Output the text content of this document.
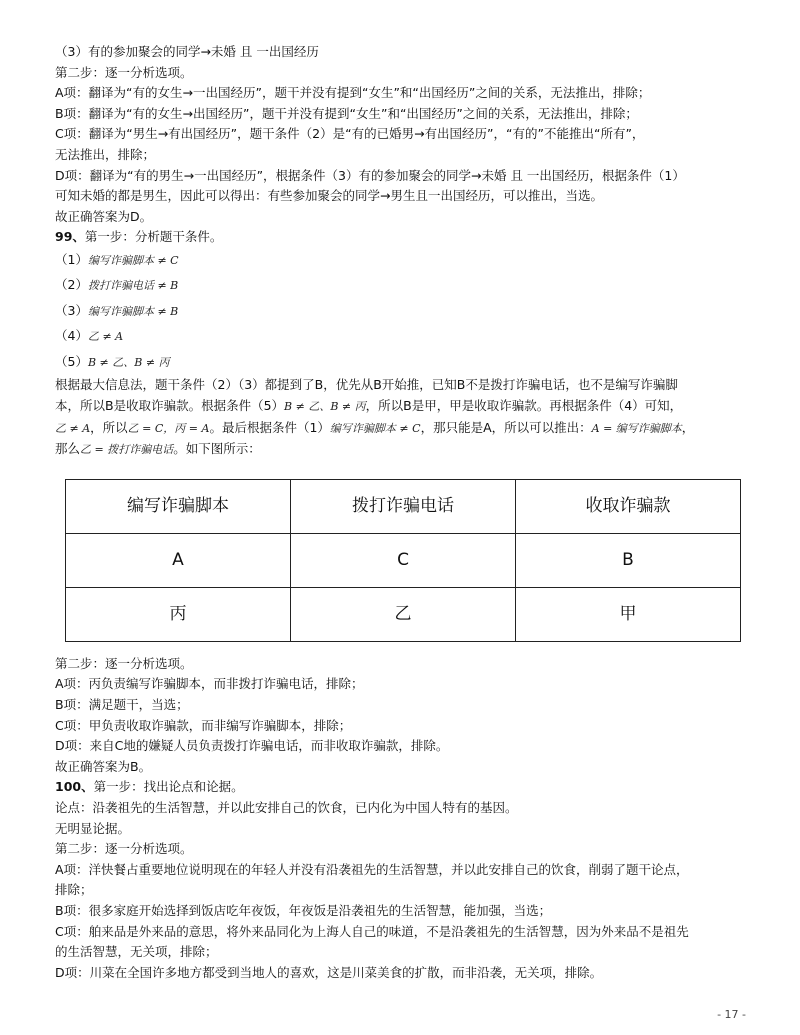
（3）有的参加聚会的同学→未婚 且 一出国经历
第二步：逐一分析选项。
A项：翻译为“有的女生→一出国经历”，题干并没有提到“女生”和“出国经历”之间的关系，无法推出，排除；
B项：翻译为“有的女生→出国经历”，题干并没有提到“女生”和“出国经历”之间的关系，无法推出，排除；
C项：翻译为“男生→有出国经历”，题干条件（2）是“有的已婚男→有出国经历”，“有的”不能推出“所有”，
无法推出，排除；
D项：翻译为“有的男生→一出国经历”，根据条件（3）有的参加聚会的同学→未婚 且 一出国经历，根据条件（1）
可知未婚的都是男生，因此可以得出：有些参加聚会的同学→男生且一出国经历，可以推出，当选。
故正确答案为D。
99、第一步：分析题干条件。
（1）编写诈骗脚本 ≠ C
（2）拨打诈骗电话 ≠ B
（3）编写诈骗脚本 ≠ B
（4）乙 ≠ A
（5）B ≠ 乙、B ≠ 丙
根据最大信息法，题干条件（2）（3）都提到了B，优先从B开始推，已知B不是拨打诈骗电话，也不是编写诈骗脚
本，所以B是收取诈骗款。根据条件（5）B ≠ 乙、B ≠ 丙，所以B是甲，甲是收取诈骗款。再根据条件（4）可知，
乙 ≠ A，所以乙 = C，丙 = A。最后根据条件（1）编写诈骗脚本 ≠ C，那只能是A，所以可以推出：A = 编写诈骗脚本，
那么乙 = 拨打诈骗电话。如下图所示：
编写诈骗脚本	拨打诈骗电话	收取诈骗款
A	C	B
丙	乙	甲
第二步：逐一分析选项。
A项：丙负责编写诈骗脚本，而非拨打诈骗电话，排除；
B项：满足题干，当选；
C项：甲负责收取诈骗款，而非编写诈骗脚本，排除；
D项：来自C地的嫌疑人员负责拨打诈骗电话，而非收取诈骗款，排除。
故正确答案为B。
100、第一步：找出论点和论据。
论点：沿袭祖先的生活智慧，并以此安排自己的饮食，已内化为中国人特有的基因。
无明显论据。
第二步：逐一分析选项。
A项：洋快餐占重要地位说明现在的年轻人并没有沿袭祖先的生活智慧，并以此安排自己的饮食，削弱了题干论点，
排除；
B项：很多家庭开始选择到饭店吃年夜饭，年夜饭是沿袭祖先的生活智慧，能加强，当选；
C项：舶来品是外来品的意思，将外来品同化为上海人自己的味道，不是沿袭祖先的生活智慧，因为外来品不是祖先
的生活智慧，无关项，排除；
D项：川菜在全国许多地方都受到当地人的喜欢，这是川菜美食的扩散，而非沿袭，无关项，排除。
- 17 -
